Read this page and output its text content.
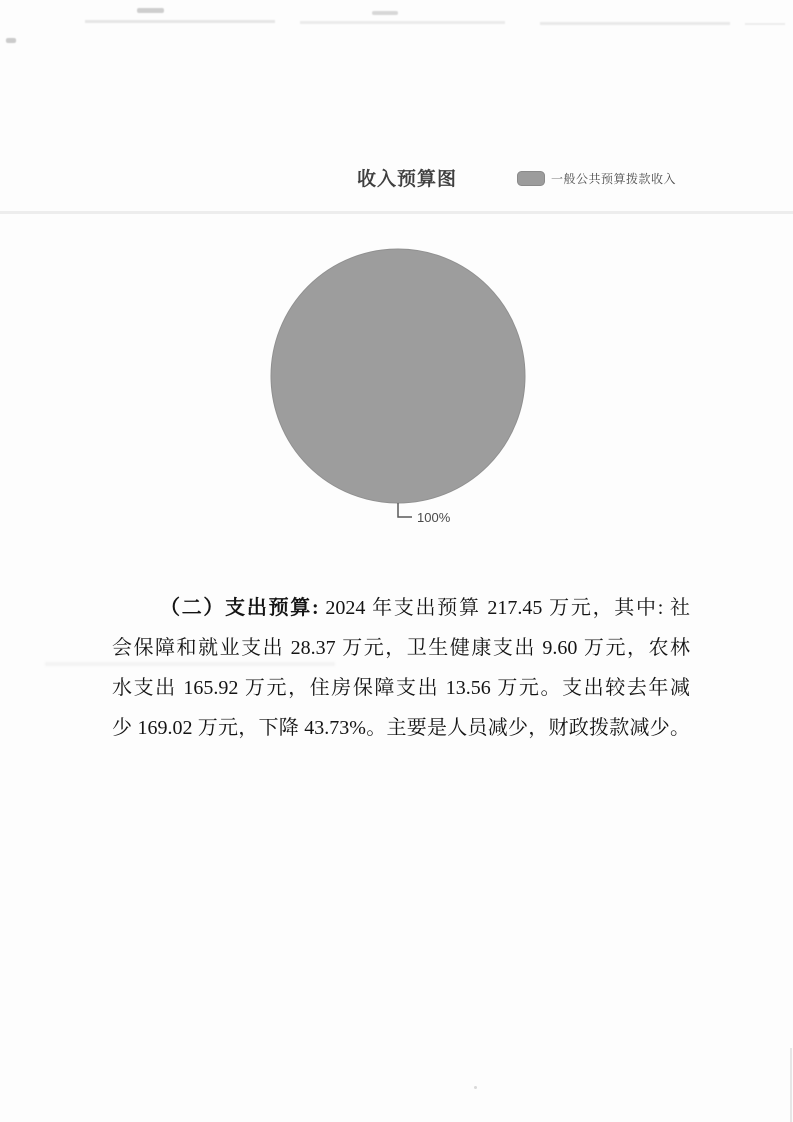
收入预算图	一般公共预算拨款收入
100%
（二）支出预算: 2024 年支出预算 217.45 万元，其中: 社
会保障和就业支出 28.37 万元，卫生健康支出 9.60 万元，农林
水支出 165.92 万元，住房保障支出 13.56 万元。支出较去年减
少 169.02 万元，下降 43.73%。主要是人员减少，财政拨款减少。
